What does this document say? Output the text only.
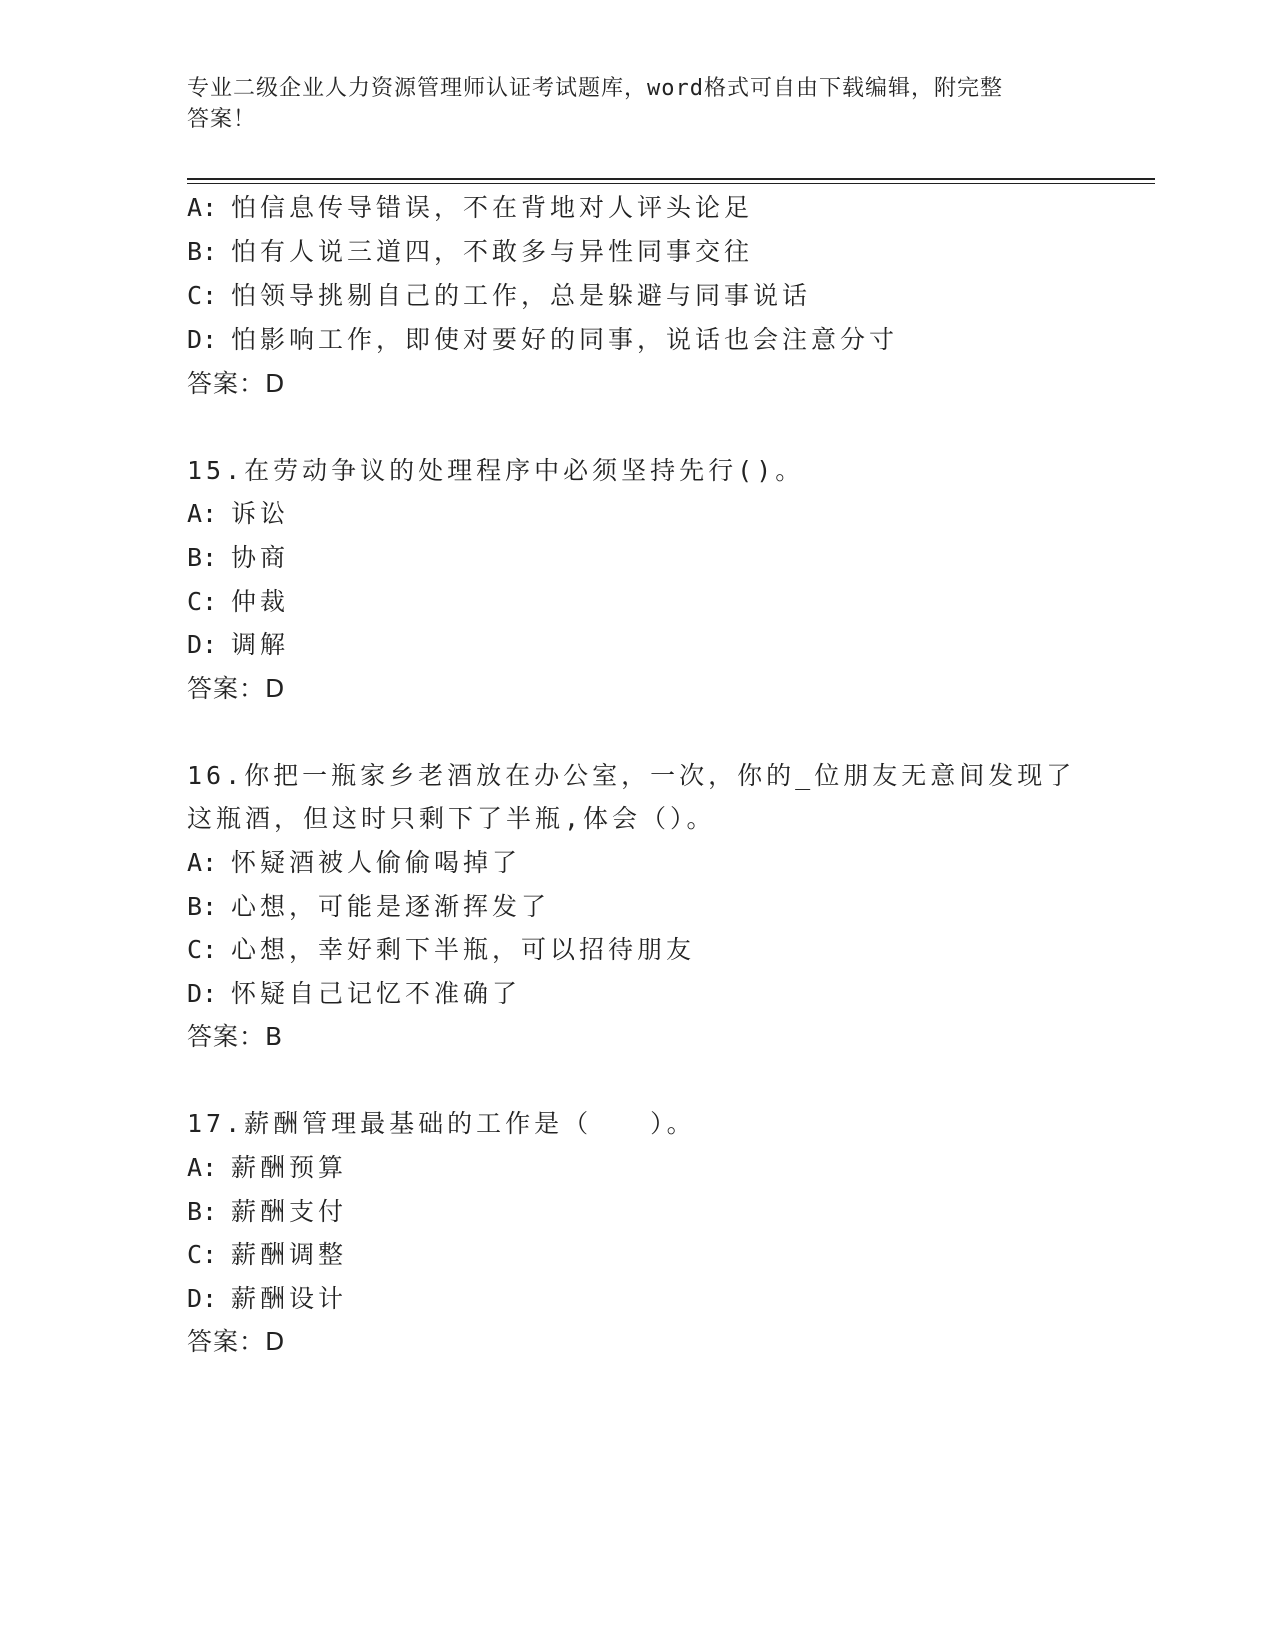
专业二级企业人力资源管理师认证考试题库，word格式可自由下载编辑，附完整
答案！
A: 怕信息传导错误，不在背地对人评头论足
B: 怕有人说三道四，不敢多与异性同事交往
C: 怕领导挑剔自己的工作，总是躲避与同事说话
D: 怕影响工作，即使对要好的同事，说话也会注意分寸
答案：D
15.在劳动争议的处理程序中必须坚持先行()。
A: 诉讼
B: 协商
C: 仲裁
D: 调解
答案：D
16.你把一瓶家乡老酒放在办公室，一次，你的_位朋友无意间发现了
这瓶酒，但这时只剩下了半瓶,体会（）。
A: 怀疑酒被人偷偷喝掉了
B: 心想，可能是逐渐挥发了
C: 心想，幸好剩下半瓶，可以招待朋友
D: 怀疑自己记忆不准确了
答案：B
17.薪酬管理最基础的工作是（　　）。
A: 薪酬预算
B: 薪酬支付
C: 薪酬调整
D: 薪酬设计
答案：D
